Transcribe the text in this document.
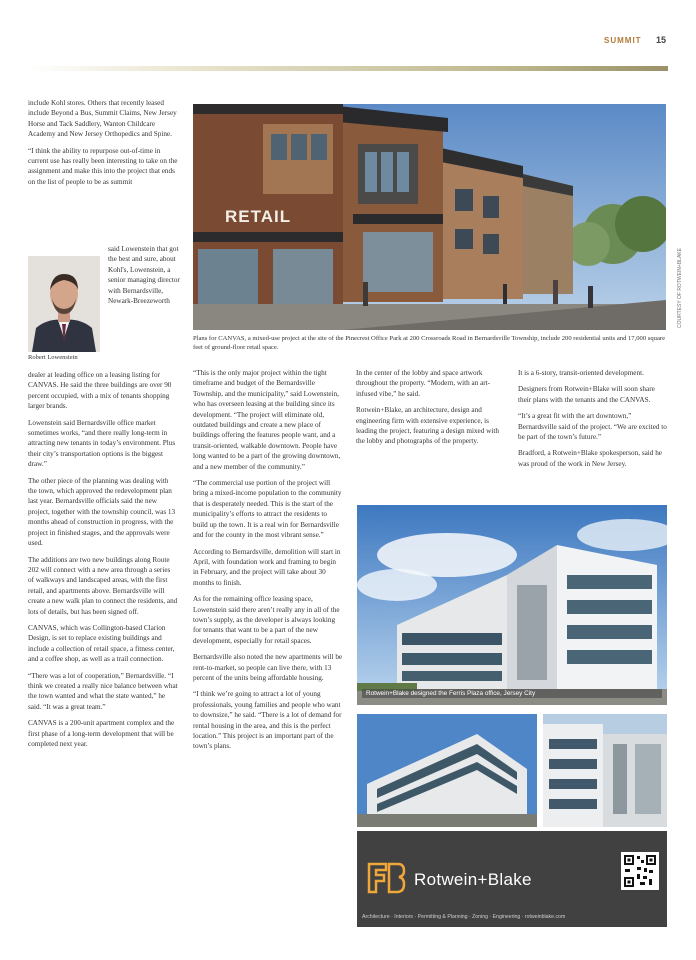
SUMMIT 15

include Kohl stores. Others that recently leased include Beyond a Bus, Summit Claims, New Jersey Horse and Tack Saddlery, Wanton Childcare Academy and New Jersey Orthopedics and Spine.

“I think the ability to repurpose out-of-time in current use has really been interesting to take on the assignment and make this into the project that ends on the list of people to be as summit

said Lowenstein that got the best and sure, about Kohl's, Lowenstein, a senior managing director with Bernardsville, Newark-Breezeworth

Robert Lowenstein

dealer at leading office on a leasing listing for CANVAS. He said the three buildings are over 90 percent occupied, with a mix of tenants shopping larger brands.

Lowenstein said Bernardsville office market sometimes works, “and there really long-term in attracting new tenants in today’s environment. Plus their city’s transportation options is the biggest draw.”

The other piece of the planning was dealing with the town, which approved the redevelopment plan last year. Bernardsville officials said the new project, together with the township council, was 13 months ahead of construction in progress, with the project in finished stages, and the approvals were used.

The additions are two new buildings along Route 202 will connect with a new area through a series of walkways and landscaped areas, with the first retail, and apartments above. Bernardsville will create a new walk plan to connect the residents, and lots of details, but has been signed off.

CANVAS, which was Collington-based Clarion Design, is set to replace existing buildings and include a collection of retail space, a fitness center, and a coffee shop, as well as a trail connection.

“There was a lot of cooperation,” Bernardsville. “I think we created a really nice balance between what the town wanted and what the state wanted,” he said. “It was a great team.”

CANVAS is a 200-unit apartment complex and the first phase of a long-term development that will be completed next year.

RETAIL
COURTESY OF ROTWEIN+BLAKE
Plans for CANVAS, a mixed-use project at the site of the Pinecrest Office Park at 200 Crossroads Road in Bernardsville Township, include 200 residential units and 17,000 square feet of ground-floor retail space.

“This is the only major project within the tight timeframe and budget of the Bernardsville Township, and the municipality,” said Lowenstein, who has overseen leasing at the building since its development. “The project will eliminate old, outdated buildings and create a new place of buildings offering the features people want, and a transit-oriented, walkable downtown. People have long wanted to be a part of the growing downtown, and a new member of the community.”

“The commercial use portion of the project will bring a mixed-income population to the community that is desperately needed. This is the start of the municipality’s efforts to attract the residents to build up the town. It is a real win for Bernardsville and for the county in the most vibrant sense.”

According to Bernardsville, demolition will start in April, with foundation work and framing to begin in February, and the project will take about 30 months to finish.

As for the remaining office leasing space, Lowenstein said there aren’t really any in all of the town’s supply, as the developer is always looking for tenants that want to be a part of the new development, especially for retail spaces.

Bernardsville also noted the new apartments will be rent-to-market, so people can live there, with 13 percent of the units being affordable housing.

“I think we’re going to attract a lot of young professionals, young families and people who want to downsize,” he said. “There is a lot of demand for rental housing in the area, and this is the perfect location.” This project is an important part of the town’s plans.

In the center of the lobby and space artwork throughout the property. “Modern, with an art-infused vibe,” he said.

Rotwein+Blake, an architecture, design and engineering firm with extensive experience, is leading the project, featuring a design mixed with the lobby and photographs of the property.

It is a 6-story, transit-oriented development.

Designers from Rotwein+Blake will soon share their plans with the tenants and the CANVAS.

“It’s a great fit with the art downtown,” Bernardsville said of the project. “We are excited to be part of the town’s future.”

Bradford, a Rotwein+Blake spokesperson, said he was proud of the work in New Jersey.

Rotwein+Blake designed the Ferris Plaza office, Jersey City
RB
Rotwein+Blake
Architecture · Interiors · Permitting & Planning · Zoning · Engineering · rotweinblake.com
